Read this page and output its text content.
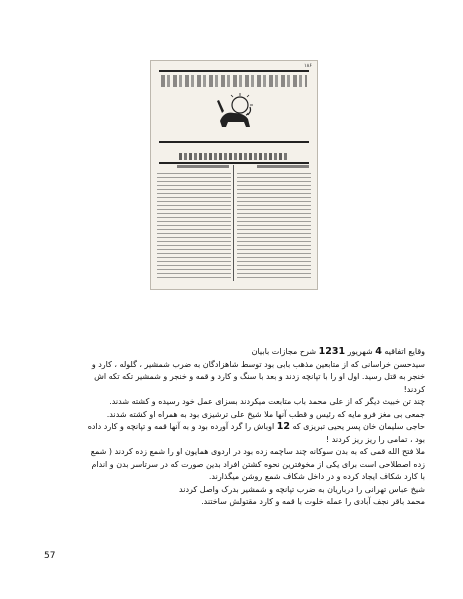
۱۸۶
وقایع اتفاقیه 4 شهریور 1231 شرح مجازات بابیان
سیدحسن خراسانی که از متابعین مذهب بابی بود توسط شاهزادگان به ضرب شمشیر ، گلوله ، کارد و
خنجر به قتل رسید. اول او را با تپانچه زدند و بعد با سنگ و کارد و قمه و خنجر و شمشیر تکه تکه اش
کردند!
چند تن خبیث دیگر که از علی محمد باب متابعت میکردند بسزای عمل خود رسیده و کشته شدند.
جمعی بی مغز فرو مایه که رئیس و قطب آنها ملا شیخ علی ترشیزی بود به همراه او کشته شدند.
حاجی سلیمان خان پسر یحیی تبریزی که 12 اوباش را گرد آورده بود و به آنها قمه و تپانچه و کارد داده
بود ، تمامی را ریز ریز کردند !
ملا فتح الله قمی که به بدن سوکانه چند ساچمه زده بود در اردوی همایون او را شمع زده کردند ( شمع
زده اصطلاحی است برای یکی از مخوفترین نحوه کشتن افراد بدین صورت که در سرتاسر بدن و اندام
با کارد شکاف ایجاد کرده و در داخل شکاف شمع روشن میگذارند.
شیخ عباس تهرانی را درباریان به ضرب تپانچه و شمشیر بدرک واصل کردند
محمد باقر نجف آبادی را عمله خلوت با قمه و کارد مقتولش ساختند.
57
